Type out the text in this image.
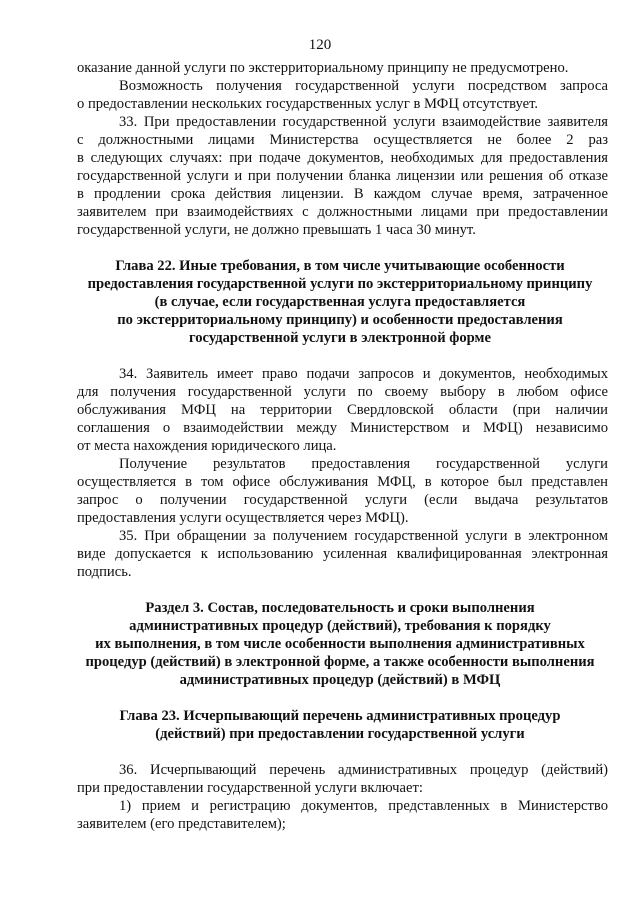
120
оказание данной услуги по экстерриториальному принципу не предусмотрено.
Возможность получения государственной услуги посредством запроса
о предоставлении нескольких государственных услуг в МФЦ отсутствует.
33. При предоставлении государственной услуги взаимодействие заявителя
с должностными лицами Министерства осуществляется не более 2 раз
в следующих случаях: при подаче документов, необходимых для предоставления
государственной услуги и при получении бланка лицензии или решения об отказе
в продлении срока действия лицензии. В каждом случае время, затраченное
заявителем при взаимодействиях с должностными лицами при предоставлении
государственной услуги, не должно превышать 1 часа 30 минут.
Глава 22. Иные требования, в том числе учитывающие особенности
предоставления государственной услуги по экстерриториальному принципу
(в случае, если государственная услуга предоставляется
по экстерриториальному принципу) и особенности предоставления
государственной услуги в электронной форме
34. Заявитель имеет право подачи запросов и документов, необходимых
для получения государственной услуги по своему выбору в любом офисе
обслуживания МФЦ на территории Свердловской области (при наличии
соглашения о взаимодействии между Министерством и МФЦ) независимо
от места нахождения юридического лица.
Получение результатов предоставления государственной услуги
осуществляется в том офисе обслуживания МФЦ, в которое был представлен
запрос о получении государственной услуги (если выдача результатов
предоставления услуги осуществляется через МФЦ).
35. При обращении за получением государственной услуги в электронном
виде допускается к использованию усиленная квалифицированная электронная
подпись.
Раздел 3. Состав, последовательность и сроки выполнения
административных процедур (действий), требования к порядку
их выполнения, в том числе особенности выполнения административных
процедур (действий) в электронной форме, а также особенности выполнения
административных процедур (действий) в МФЦ
Глава 23. Исчерпывающий перечень административных процедур
(действий) при предоставлении государственной услуги
36. Исчерпывающий перечень административных процедур (действий)
при предоставлении государственной услуги включает:
1) прием и регистрацию документов, представленных в Министерство
заявителем (его представителем);
